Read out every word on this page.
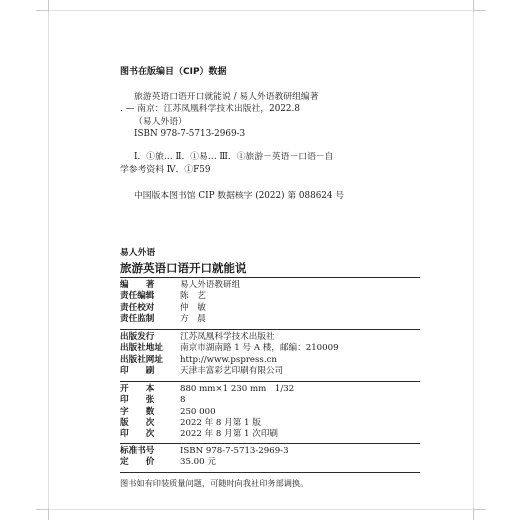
图书在版编目（CIP）数据
旅游英语口语开口就能说 / 易人外语教研组编著
. — 南京：江苏凤凰科学技术出版社，2022.8
（易人外语）
ISBN 978-7-5713-2969-3
Ⅰ．①旅… Ⅱ．①易… Ⅲ．①旅游－英语－口语－自
学参考资料 Ⅳ．①F59
中国版本图书馆 CIP 数据核字 (2022) 第 088624 号
易人外语
旅游英语口语开口就能说
编　　著	易人外语教研组
责任编辑	陈　艺
责任校对	仲　敏
责任监制	方　晨
出版发行	江苏凤凰科学技术出版社
出版社地址	南京市湖南路 1 号 A 楼，邮编：210009
出版社网址	http://www.pspress.cn
印　　刷	天津丰富彩艺印刷有限公司
开　　本	880 mm×1 230 mm　1/32
印　　张	8
字　　数	250 000
版　　次	2022 年 8 月第 1 版
印　　次	2022 年 8 月第 1 次印刷
标准书号	ISBN 978-7-5713-2969-3
定　　价	35.00 元
图书如有印装质量问题，可随时向我社印务部调换。
